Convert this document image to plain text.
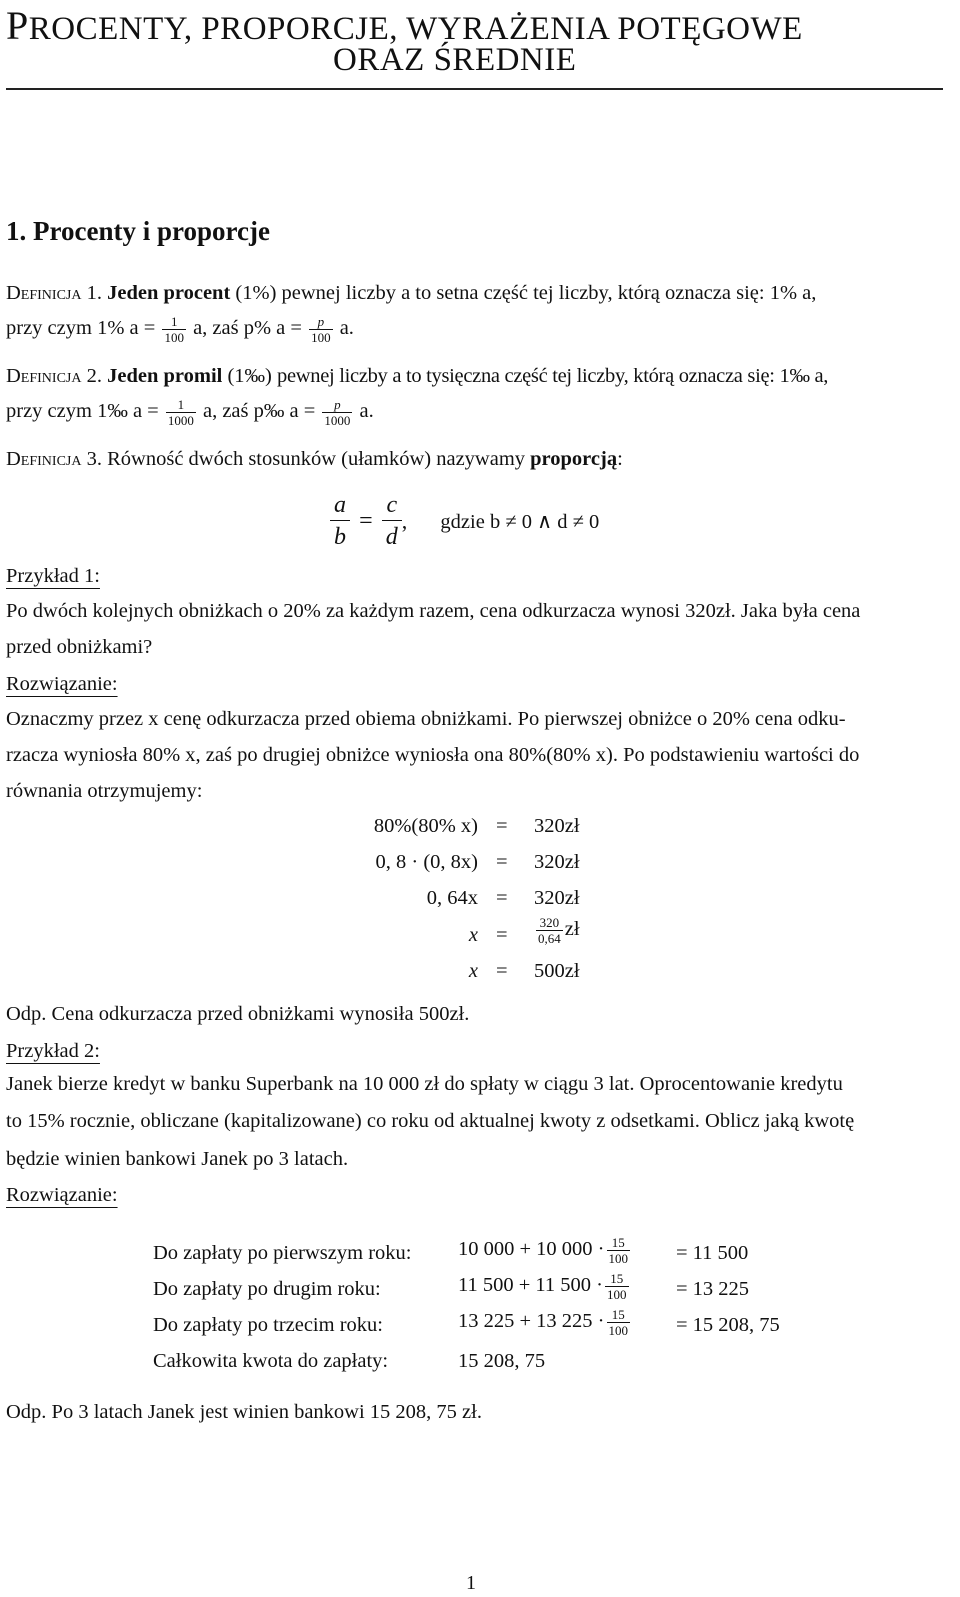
PROCENTY, PROPORCJE, WYRAŻENIA POTĘGOWE
ORAZ ŚREDNIE
1. Procenty i proporcje
Definicja 1. Jeden procent (1%) pewnej liczby a to setna część tej liczby, którą oznacza się: 1% a,
przy czym 1% $a = \frac{1}{100} a$, zaś p% $a = \frac{p}{100} a$.
Definicja 2. Jeden promil (1‰) pewnej liczby a to tysięczna część tej liczby, którą oznacza się: 1‰ a,
przy czym 1‰ $a = \frac{1}{1000} a$, zaś p‰ $a = \frac{p}{1000} a$.
Definicja 3. Równość dwóch stosunków (ułamków) nazywamy proporcją:
$\frac{a}{b} = \frac{c}{d}$ , gdzie b ≠ 0 ∧ d ≠ 0
Przykład 1:
Po dwóch kolejnych obniżkach o 20% za każdym razem, cena odkurzacza wynosi 320zł. Jaka była cena
przed obniżkami?
Rozwiązanie:
Oznaczmy przez x cenę odkurzacza przed obiema obniżkami. Po pierwszej obniżce o 20% cena odku-
rzacza wyniosła 80% x, zaś po drugiej obniżce wyniosła ona 80%(80% x). Po podstawieniu wartości do
równania otrzymujemy:
80%(80% x) = 320zł
0, 8 · (0, 8x) = 320zł
0, 64x = 320zł
$x = \frac{320}{0,64}$ zł
x = 500zł
Odp. Cena odkurzacza przed obniżkami wynosiła 500zł.
Przykład 2:
Janek bierze kredyt w banku Superbank na 10 000 zł do spłaty w ciągu 3 lat. Oprocentowanie kredytu
to 15% rocznie, obliczane (kapitalizowane) co roku od aktualnej kwoty z odsetkami. Oblicz jaką kwotę
będzie winien bankowi Janek po 3 latach.
Rozwiązanie:
Do zapłaty po pierwszym roku: 10 000 + 10 $000 \cdot \frac{15}{100} = 11$ 500
Do zapłaty po drugim roku:	11 500 + 11 $500 \cdot \frac{15}{100} = 13$ 225
Do zapłaty po trzecim roku:	13 225 + 13 $225 \cdot \frac{15}{100} = 15$ 208, 75
Całkowita kwota do zapłaty:	15 208, 75
Odp. Po 3 latach Janek jest winien bankowi 15 208, 75 zł.
1
